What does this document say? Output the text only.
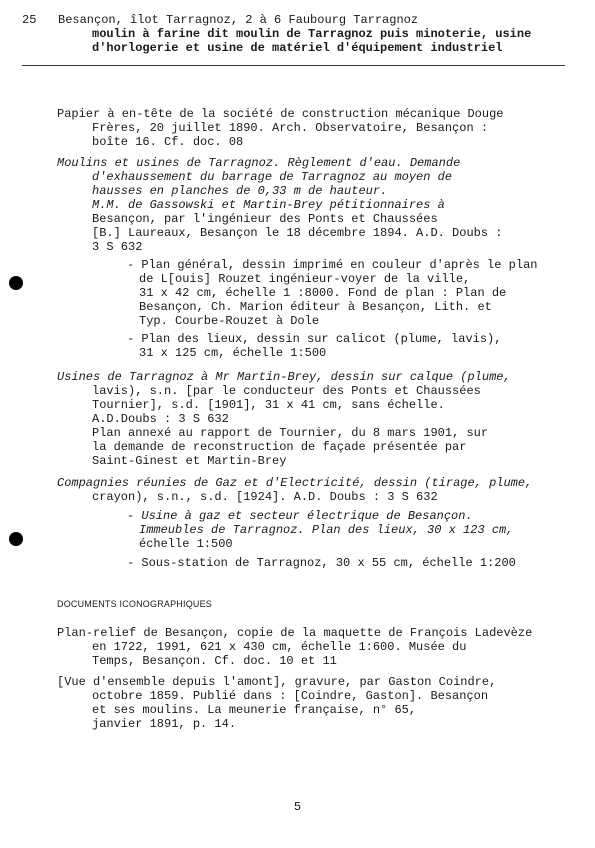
25 Besançon, îlot Tarragnoz, 2 à 6 Faubourg Tarragnoz
moulin à farine dit moulin de Tarragnoz puis minoterie, usine
d'horlogerie et usine de matériel d'équipement industriel
Papier à en-tête de la société de construction mécanique Douge
Frères, 20 juillet 1890. Arch. Observatoire, Besançon :
boîte 16. Cf. doc. 08
Moulins et usines de Tarragnoz. Règlement d'eau. Demande
d'exhaussement du barrage de Tarragnoz au moyen de
hausses en planches de 0,33 m de hauteur.
M.M. de Gassowski et Martin-Brey pétitionnaires à
Besançon, par l'ingénieur des Ponts et Chaussées
[B.] Laureaux, Besançon le 18 décembre 1894. A.D. Doubs :
3 S 632
- Plan général, dessin imprimé en couleur d'après le plan
de L[ouis] Rouzet ingénieur-voyer de la ville,
31 x 42 cm, échelle 1 :8000. Fond de plan : Plan de
Besançon, Ch. Marion éditeur à Besançon, Lith. et
Typ. Courbe-Rouzet à Dole
- Plan des lieux, dessin sur calicot (plume, lavis),
31 x 125 cm, échelle 1:500
Usines de Tarragnoz à Mr Martin-Brey, dessin sur calque (plume,
lavis), s.n. [par le conducteur des Ponts et Chaussées
Tournier], s.d. [1901], 31 x 41 cm, sans échelle.
A.D.Doubs : 3 S 632
Plan annexé au rapport de Tournier, du 8 mars 1901, sur
la demande de reconstruction de façade présentée par
Saint-Ginest et Martin-Brey
Compagnies réunies de Gaz et d'Electricité, dessin (tirage, plume,
crayon), s.n., s.d. [1924]. A.D. Doubs : 3 S 632
- Usine à gaz et secteur électrique de Besançon.
Immeubles de Tarragnoz. Plan des lieux, 30 x 123 cm,
échelle 1:500
- Sous-station de Tarragnoz, 30 x 55 cm, échelle 1:200
DOCUMENTS ICONOGRAPHIQUES
Plan-relief de Besançon, copie de la maquette de François Ladevèze
en 1722, 1991, 621 x 430 cm, échelle 1:600. Musée du
Temps, Besançon. Cf. doc. 10 et 11
[Vue d'ensemble depuis l'amont], gravure, par Gaston Coindre,
octobre 1859. Publié dans : [Coindre, Gaston]. Besançon
et ses moulins. La meunerie française, n° 65,
janvier 1891, p. 14.
5
